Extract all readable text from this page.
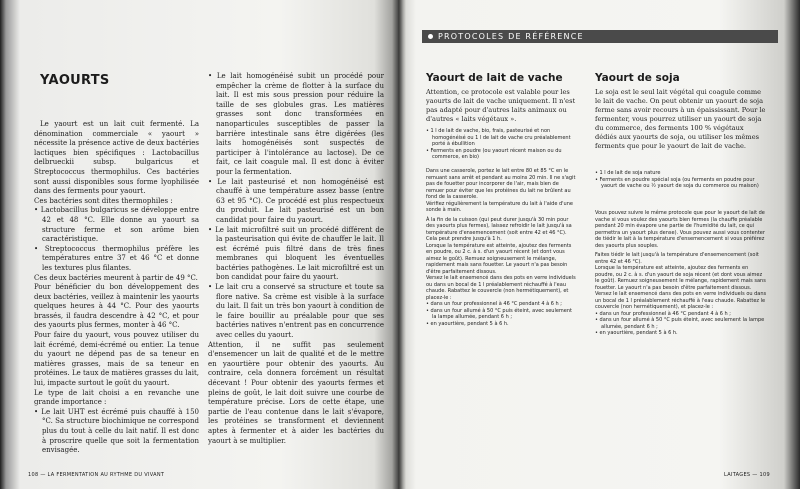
YAOURTS

Le yaourt est un lait cuit fermenté. La dénomination commerciale « yaourt » nécessite la présence active de deux bactéries lactiques bien spécifiques : Lactobacillus delbrueckii subsp. bulgaricus et Streptococcus thermophilus. Ces bactéries sont aussi disponibles sous forme lyophilisée dans des ferments pour yaourt.

Ces bactéries sont dites thermophiles :

• Lactobacillus bulgaricus se développe entre 42 et 48 °C. Elle donne au yaourt sa structure ferme et son arôme bien caractéristique.

• Streptococcus thermophilus préfère les températures entre 37 et 46 °C et donne les textures plus filantes.

Ces deux bactéries meurent à partir de 49 °C.

Pour bénéficier du bon développement des deux bactéries, veillez à maintenir les yaourts quelques heures à 44 °C. Pour des yaourts brassés, il faudra descendre à 42 °C, et pour des yaourts plus fermes, monter à 46 °C.

Pour faire du yaourt, vous pouvez utiliser du lait écrémé, demi-écrémé ou entier. La tenue du yaourt ne dépend pas de sa teneur en matières grasses, mais de sa teneur en protéines. Le taux de matières grasses du lait, lui, impacte surtout le goût du yaourt.

Le type de lait choisi a en revanche une grande importance :

• Le lait UHT est écrémé puis chauffé à 150 °C. Sa structure biochimique ne correspond plus du tout à celle du lait natif. Il est donc à proscrire quelle que soit la fermentation envisagée.

• Le lait homogénéisé subit un procédé pour empêcher la crème de flotter à la surface du lait. Il est mis sous pression pour réduire la taille de ses globules gras. Les matières grasses sont donc transformées en nanoparticules susceptibles de passer la barrière intestinale sans être digérées (les laits homogénéisés sont suspectés de participer à l'intolérance au lactose). De ce fait, ce lait coagule mal. Il est donc à éviter pour la fermentation.

• Le lait pasteurisé et non homogénéisé est chauffé à une température assez basse (entre 63 et 95 °C). Ce procédé est plus respectueux du produit. Le lait pasteurisé est un bon candidat pour faire du yaourt.

• Le lait microfiltré suit un procédé différent de la pasteurisation qui évite de chauffer le lait. Il est écrémé puis filtré dans de très fines membranes qui bloquent les éventuelles bactéries pathogènes. Le lait microfiltré est un bon candidat pour faire du yaourt.

• Le lait cru a conservé sa structure et toute sa flore native. Sa crème est visible à la surface du lait. Il fait un très bon yaourt à condition de le faire bouillir au préalable pour que ses bactéries natives n'entrent pas en concurrence avec celles du yaourt.

Attention, il ne suffit pas seulement d'ensemencer un lait de qualité et de le mettre en yaourtière pour obtenir des yaourts. Au contraire, cela donnera forcément un résultat décevant ! Pour obtenir des yaourts fermes et pleins de goût, le lait doit suivre une courbe de température précise. Lors de cette étape, une partie de l'eau contenue dans le lait s'évapore, les protéines se transforment et deviennent aptes à fermenter et à aider les bactéries du yaourt à se multiplier.

108 — LA FERMENTATION AU RYTHME DU VIVANT
PROTOCOLES DE RÉFÉRENCE
Yaourt de lait de vache
Attention, ce protocole est valable pour les yaourts de lait de vache uniquement. Il n'est pas adapté pour d'autres laits animaux ou d'autres « laits végétaux ».

• 1 l de lait de vache, bio, frais, pasteurisé et non homogénéisé ou 1 l de lait de vache cru préalablement porté à ébullition

• Ferments en poudre (ou yaourt récent maison ou du commerce, en bio)

Dans une casserole, portez le lait entre 80 et 85 °C en le remuant sans arrêt et pendant au moins 20 min. Il ne s'agit pas de fouetter pour incorporer de l'air, mais bien de remuer pour éviter que les protéines du lait ne brûlent au fond de la casserole.

Vérifiez régulièrement la température du lait à l'aide d'une sonde à main.

À la fin de la cuisson (qui peut durer jusqu'à 30 min pour des yaourts plus fermes), laissez refroidir le lait jusqu'à sa température d'ensemencement (soit entre 42 et 46 °C). Cela peut prendre jusqu'à 1 h.

Lorsque la température est atteinte, ajoutez des ferments en poudre, ou 2 c. à s. d'un yaourt récent (et dont vous aimez le goût). Remuez soigneusement le mélange, rapidement mais sans fouetter. Le yaourt n'a pas besoin d'être parfaitement dissous.

Versez le lait ensemencé dans des pots en verre individuels ou dans un bocal de 1 l préalablement réchauffé à l'eau chaude. Rabattez le couvercle (non hermétiquement), et placez-le :

• dans un four professionnel à 46 °C pendant 4 à 6 h ;

• dans un four allumé à 50 °C puis éteint, avec seulement la lampe allumée, pendant 6 h ;

• en yaourtière, pendant 5 à 6 h.

Yaourt de soja
Le soja est le seul lait végétal qui coagule comme le lait de vache. On peut obtenir un yaourt de soja ferme sans avoir recours à un épaississant. Pour le fermenter, vous pourrez utiliser un yaourt de soja du commerce, des ferments 100 % végétaux dédiés aux yaourts de soja, ou utiliser les mêmes ferments que pour le yaourt de lait de vache.

• 1 l de lait de soja nature

• Ferments en poudre spécial soja (ou ferments en poudre pour yaourt de vache ou ½ yaourt de soja du commerce ou maison)

Vous pouvez suivre le même protocole que pour le yaourt de lait de vache si vous voulez des yaourts bien fermes (la chauffe préalable pendant 20 min évapore une partie de l'humidité du lait, ce qui permettra un yaourt plus dense). Vous pouvez aussi vous contenter de tiédir le lait à la température d'ensemencement si vous préférez des yaourts plus souples.

Faites tiédir le lait jusqu'à la température d'ensemencement (soit entre 42 et 46 °C).

Lorsque la température est atteinte, ajoutez des ferments en poudre, ou 2 c. à s. d'un yaourt de soja récent (et dont vous aimez le goût). Remuez soigneusement le mélange, rapidement mais sans fouetter. Le yaourt n'a pas besoin d'être parfaitement dissous.

Versez le lait ensemencé dans des pots en verre individuels ou dans un bocal de 1 l préalablement réchauffé à l'eau chaude. Rabattez le couvercle (non hermétiquement), et placez-le :

• dans un four professionnel à 46 °C pendant 4 à 6 h ;

• dans un four allumé à 50 °C puis éteint, avec seulement la lampe allumée, pendant 6 h ;

• en yaourtière, pendant 5 à 6 h.

LAITAGES — 109
